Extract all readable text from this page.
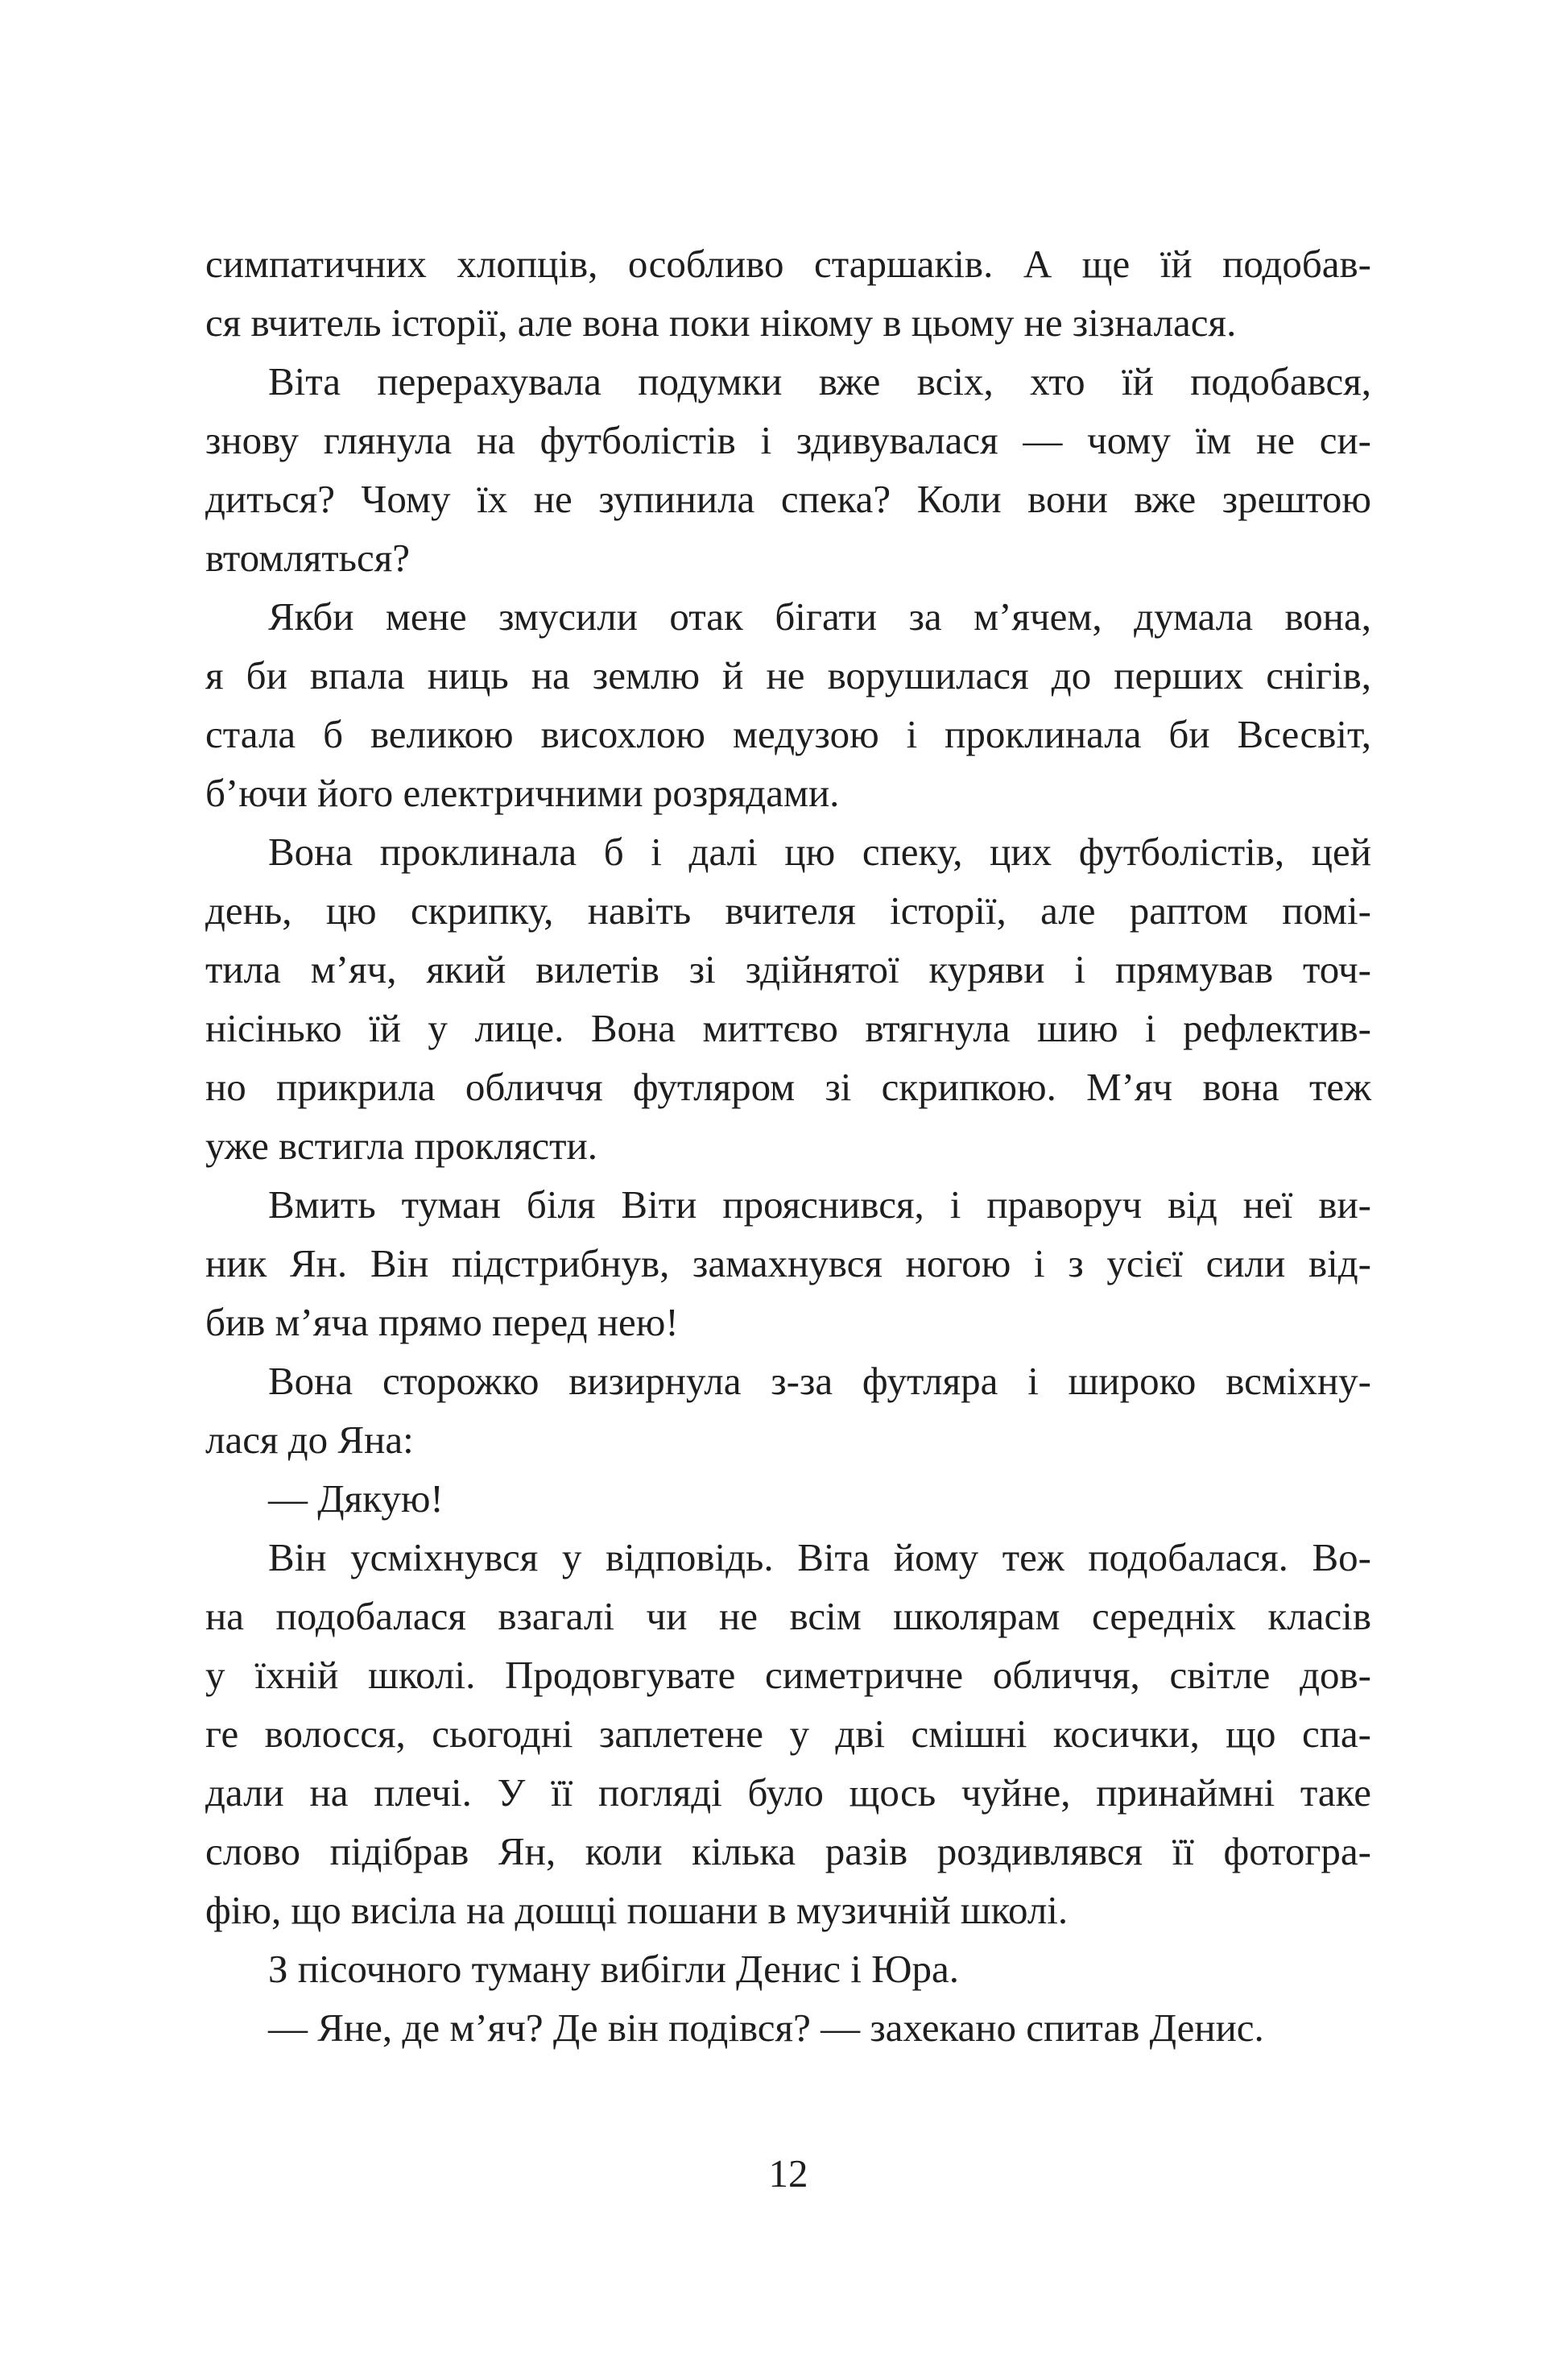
симпатичних хлопців, особливо старшаків. А ще їй подобав-
ся вчитель історії, але вона поки нікому в цьому не зізналася.
Віта перерахувала подумки вже всіх, хто їй подобався,
знову глянула на футболістів і здивувалася — чому їм не си-
диться? Чому їх не зупинила спека? Коли вони вже зрештою
втомляться?
Якби мене змусили отак бігати за м’ячем, думала вона,
я би впала ниць на землю й не ворушилася до перших снігів,
стала б великою висохлою медузою і проклинала би Всесвіт,
б’ючи його електричними розрядами.
Вона проклинала б і далі цю спеку, цих футболістів, цей
день, цю скрипку, навіть вчителя історії, але раптом помі-
тила м’яч, який вилетів зі здійнятої куряви і прямував точ-
нісінько їй у лице. Вона миттєво втягнула шию і рефлектив-
но прикрила обличчя футляром зі скрипкою. М’яч вона теж
уже встигла проклясти.
Вмить туман біля Віти прояснився, і праворуч від неї ви-
ник Ян. Він підстрибнув, замахнувся ногою і з усієї сили від-
бив м’яча прямо перед нею!
Вона сторожко визирнула з-за футляра і широко всміхну-
лася до Яна:
— Дякую!
Він усміхнувся у відповідь. Віта йому теж подобалася. Во-
на подобалася взагалі чи не всім школярам середніх класів
у їхній школі. Продовгувате симетричне обличчя, світле дов-
ге волосся, сьогодні заплетене у дві смішні косички, що спа-
дали на плечі. У її погляді було щось чуйне, принаймні таке
слово підібрав Ян, коли кілька разів роздивлявся її фотогра-
фію, що висіла на дошці пошани в музичній школі.
З пісочного туману вибігли Денис і Юра.
— Яне, де м’яч? Де він подівся? — захекано спитав Денис.
12
